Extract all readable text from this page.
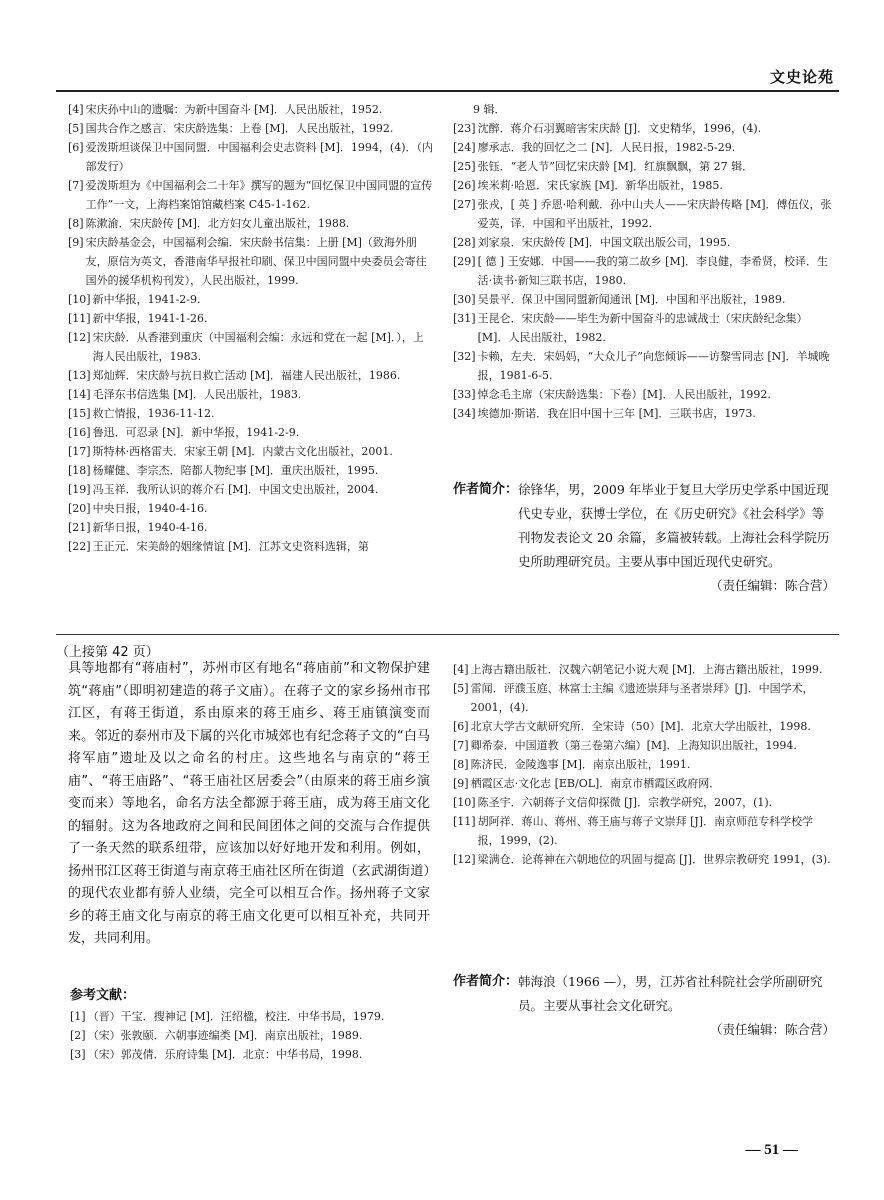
文史论苑

[4] 宋庆孙中山的遗嘱：为新中国奋斗 [M]．人民出版社，1952.

[5] 国共合作之感言．宋庆龄选集：上卷 [M]．人民出版社，1992.

[6] 爱泼斯坦谈保卫中国同盟．中国福利会史志资料 [M]．1994，(4)．（内部发行）

[7] 爱泼斯坦为《中国福利会二十年》撰写的题为“回忆保卫中国同盟的宣传工作”一文，上海档案馆馆藏档案 C45-1-162.

[8] 陈漱渝．宋庆龄传 [M]．北方妇女儿童出版社，1988.

[9] 宋庆龄基金会，中国福利会编．宋庆龄书信集：上册 [M]（致海外朋友，原信为英文，香港南华早报社印刷、保卫中国同盟中央委员会寄往国外的援华机构刊发），人民出版社，1999.

[10] 新中华报，1941-2-9.

[11] 新中华报，1941-1-26.

[12] 宋庆龄．从香港到重庆（中国福利会编：永远和党在一起 [M]．），上海人民出版社，1983.

[13] 郑灿辉．宋庆龄与抗日救亡活动 [M]．福建人民出版社，1986.

[14] 毛泽东书信选集 [M]．人民出版社，1983.

[15] 救亡情报，1936-11-12.

[16] 鲁迅．可忍录 [N]．新中华报，1941-2-9.

[17] 斯特林·西格雷夫．宋家王朝 [M]．内蒙古文化出版社，2001.

[18] 杨耀健、李宗杰．陪都人物纪事 [M]．重庆出版社，1995.

[19] 冯玉祥．我所认识的蒋介石 [M]．中国文史出版社，2004.

[20] 中央日报，1940-4-16.

[21] 新华日报，1940-4-16.

[22] 王正元．宋美龄的姻缘情谊 [M]．江苏文史资料选辑，第

9 辑．

[23] 沈醉．蒋介石羽翼暗害宋庆龄 [J]．文史精华，1996，(4).

[24] 廖承志．我的回忆之二 [N]．人民日报，1982-5-29.

[25] 张钰．“老人节”回忆宋庆龄 [M]．红旗飘飘，第 27 辑．

[26] 埃米莉·哈恩．宋氏家族 [M]．新华出版社，1985.

[27] 张戎，[ 英 ] 乔恩·哈利戴．孙中山夫人——宋庆龄传略 [M]．傅伍仪，张爱英，译．中国和平出版社，1992.

[28] 刘家泉．宋庆龄传 [M]．中国文联出版公司，1995.

[29] [ 德 ] 王安娜．中国——我的第二故乡 [M]．李良健，李希贤，校译．生活·读书·新知三联书店，1980.

[30] 吴景平．保卫中国同盟新闻通讯 [M]．中国和平出版社，1989.

[31] 王昆仑．宋庆龄——毕生为新中国奋斗的忠诚战士（宋庆龄纪念集）[M]．人民出版社，1982.

[32] 卡赖，左夫．宋妈妈，“大众儿子”向您倾诉——访黎雪同志 [N]．羊城晚报，1981-6-5.

[33] 悼念毛主席（宋庆龄选集：下卷）[M]．人民出版社，1992.

[34] 埃德加·斯诺．我在旧中国十三年 [M]．三联书店，1973.

作者简介： 徐锋华，男，2009 年毕业于复旦大学历史学系中国近现代史专业，获博士学位，在《历史研究》《社会科学》等刊物发表论文 20 余篇，多篇被转载。上海社会科学院历史所助理研究员。主要从事中国近现代史研究。
（责任编辑：陈合营）
（上接第 42 页）
具等地都有“蒋庙村”，苏州市区有地名“蒋庙前”和文物保护建筑“蒋庙”（即明初建造的蒋子文庙）。在蒋子文的家乡扬州市邗江区，有蒋王街道，系由原来的蒋王庙乡、蒋王庙镇演变而来。邻近的泰州市及下属的兴化市城郊也有纪念蒋子文的“白马将军庙”遗址及以之命名的村庄。这些地名与南京的“蒋王庙”、“蒋王庙路”、“蒋王庙社区居委会”（由原来的蒋王庙乡演变而来）等地名，命名方法全都源于蒋王庙，成为蒋王庙文化的辐射。这为各地政府之间和民间团体之间的交流与合作提供了一条天然的联系纽带，应该加以好好地开发和利用。例如，扬州邗江区蒋王街道与南京蒋王庙社区所在街道（玄武湖街道）的现代农业都有骄人业绩，完全可以相互合作。扬州蒋子文家乡的蒋王庙文化与南京的蒋王庙文化更可以相互补充，共同开发，共同利用。
参考文献：

[1] （晋）干宝．搜神记 [M]．汪绍楹，校注．中华书局，1979.

[2] （宋）张敦颐．六朝事迹编类 [M]．南京出版社，1989.

[3] （宋）郭茂倩．乐府诗集 [M]．北京：中华书局，1998.

[4] 上海古籍出版社．汉魏六朝笔记小说大观 [M]．上海古籍出版社，1999.

[5] 雷闻．评濮玉庭、林富士主编《遗迹崇拜与圣者崇拜》[J]．中国学术，2001，(4).

[6] 北京大学古文献研究所．全宋诗（50）[M]．北京大学出版社，1998.

[7] 卿希泰．中国道教（第三卷第六编）[M]．上海知识出版社，1994.

[8] 陈济民．金陵逸事 [M]．南京出版社，1991.

[9] 栖霞区志·文化志 [EB/OL]．南京市栖霞区政府网．

[10] 陈圣宇．六朝蒋子文信仰探微 [J]．宗教学研究，2007，(1).

[11] 胡阿祥．蒋山、蒋州、蒋王庙与蒋子文崇拜 [J]．南京师范专科学校学报，1999，(2).

[12] 梁满仓．论蒋神在六朝地位的巩固与提高 [J]．世界宗教研究 1991，(3).

作者简介： 韩海浪（1966 —），男，江苏省社科院社会学所副研究员。主要从事社会文化研究。
（责任编辑：陈合营）
— 51 —
